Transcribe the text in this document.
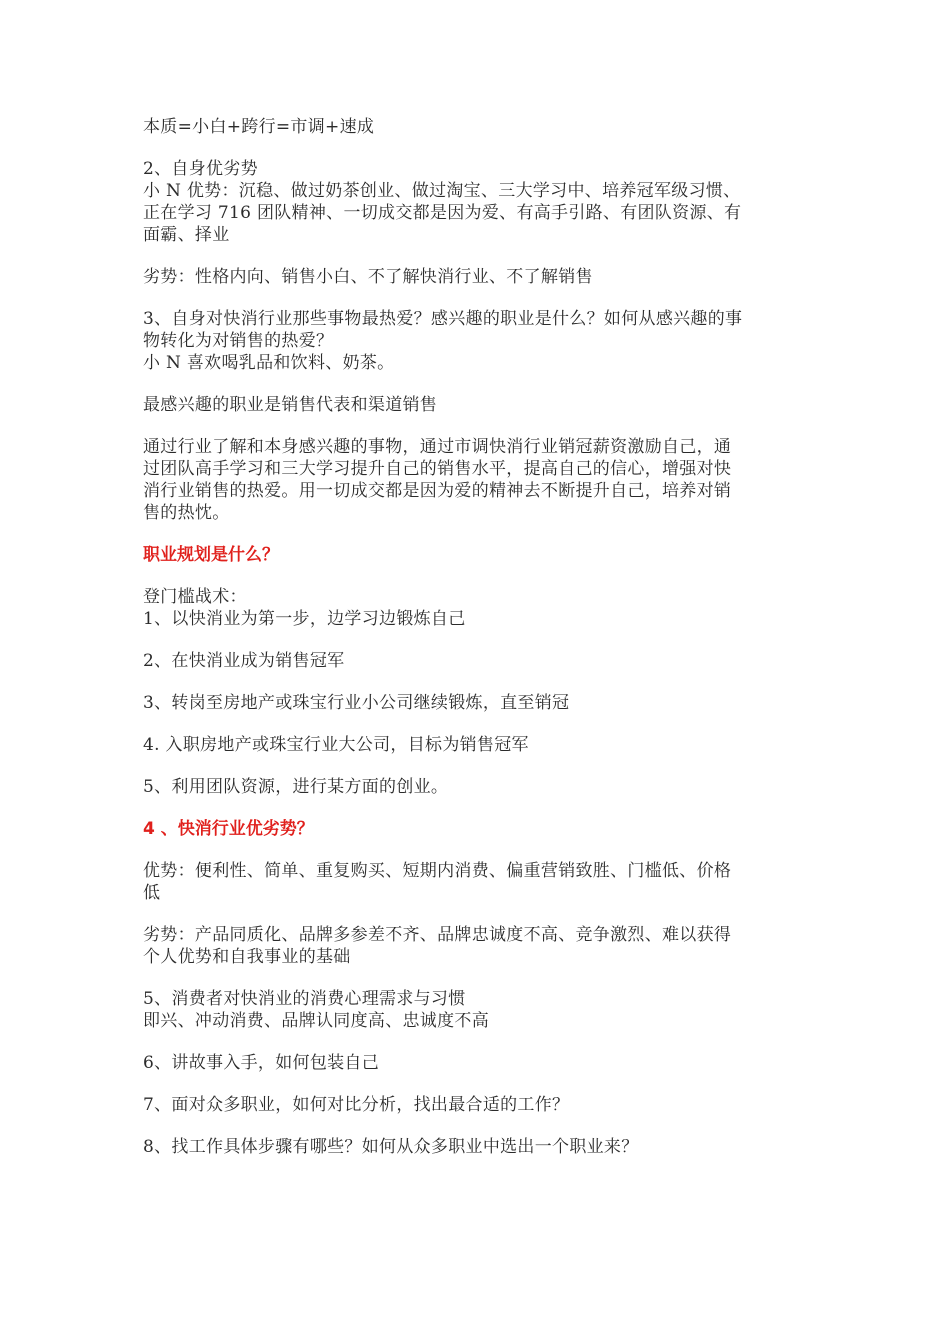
本质=小白+跨行=市调+速成
2、自身优劣势
小 N 优势：沉稳、做过奶茶创业、做过淘宝、三大学习中、培养冠军级习惯、
正在学习 716 团队精神、一切成交都是因为爱、有高手引路、有团队资源、有
面霸、择业
劣势：性格内向、销售小白、不了解快消行业、不了解销售
3、自身对快消行业那些事物最热爱？感兴趣的职业是什么？如何从感兴趣的事
物转化为对销售的热爱？
小 N 喜欢喝乳品和饮料、奶茶。
最感兴趣的职业是销售代表和渠道销售
通过行业了解和本身感兴趣的事物，通过市调快消行业销冠薪资激励自己，通
过团队高手学习和三大学习提升自己的销售水平，提高自己的信心，增强对快
消行业销售的热爱。用一切成交都是因为爱的精神去不断提升自己，培养对销
售的热忱。
职业规划是什么？
登门槛战术：
1、以快消业为第一步，边学习边锻炼自己
2、在快消业成为销售冠军
3、转岗至房地产或珠宝行业小公司继续锻炼，直至销冠
4. 入职房地产或珠宝行业大公司，目标为销售冠军
5、利用团队资源，进行某方面的创业。
4 、快消行业优劣势？
优势：便利性、简单、重复购买、短期内消费、偏重营销致胜、门槛低、价格
低
劣势：产品同质化、品牌多参差不齐、品牌忠诚度不高、竞争激烈、难以获得
个人优势和自我事业的基础
5、消费者对快消业的消费心理需求与习惯
即兴、冲动消费、品牌认同度高、忠诚度不高
6、讲故事入手，如何包装自己
7、面对众多职业，如何对比分析，找出最合适的工作？
8、找工作具体步骤有哪些？如何从众多职业中选出一个职业来？
